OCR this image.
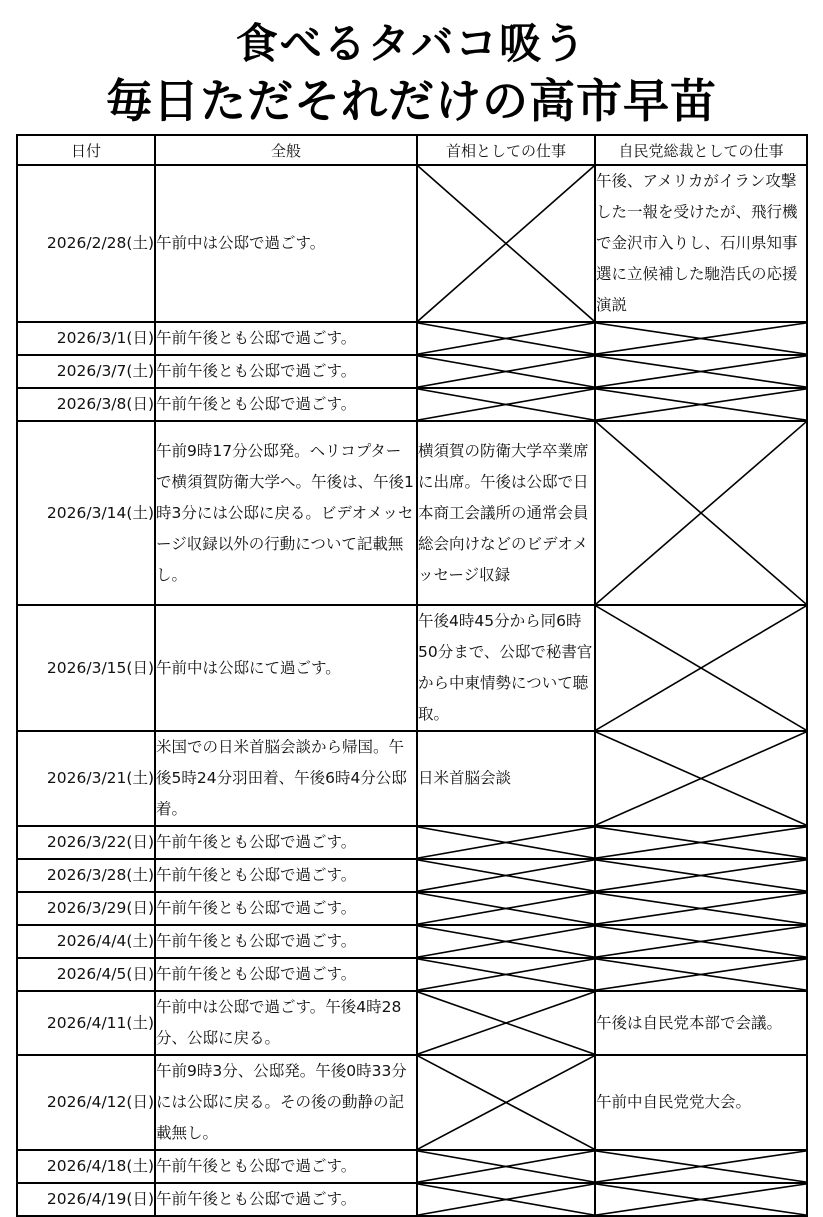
食べるタバコ吸う
毎日ただそれだけの高市早苗
日付	全般	首相としての仕事	自民党総裁としての仕事
2026/2/28(土)	午前中は公邸で過ごす。		午後、アメリカがイラン攻撃した一報を受けたが、飛行機で金沢市入りし、石川県知事選に立候補した馳浩氏の応援演説
2026/3/1(日)	午前午後とも公邸で過ごす。	

2026/3/7(土)	午前午後とも公邸で過ごす。	

2026/3/8(日)	午前午後とも公邸で過ごす。	

2026/3/14(土)	午前9時17分公邸発。ヘリコプターで横須賀防衛大学へ。午後は、午後1時3分には公邸に戻る。ビデオメッセージ収録以外の行動について記載無し。	横須賀の防衛大学卒業席に出席。午後は公邸で日本商工会議所の通常会員総会向けなどのビデオメッセージ収録	

2026/3/15(日)	午前中は公邸にて過ごす。	午後4時45分から同6時50分まで、公邸で秘書官から中東情勢について聴取。	

2026/3/21(土)	米国での日米首脳会談から帰国。午後5時24分羽田着、午後6時4分公邸着。	日米首脳会談	

2026/3/22(日)	午前午後とも公邸で過ごす。	

2026/3/28(土)	午前午後とも公邸で過ごす。	

2026/3/29(日)	午前午後とも公邸で過ごす。	

2026/4/4(土)	午前午後とも公邸で過ごす。	

2026/4/5(日)	午前午後とも公邸で過ごす。	

2026/4/11(土)	午前中は公邸で過ごす。午後4時28分、公邸に戻る。		午後は自民党本部で会議。
2026/4/12(日)	午前9時3分、公邸発。午後0時33分には公邸に戻る。その後の動静の記載無し。		午前中自民党党大会。
2026/4/18(土)	午前午後とも公邸で過ごす。	

2026/4/19(日)	午前午後とも公邸で過ごす。	
